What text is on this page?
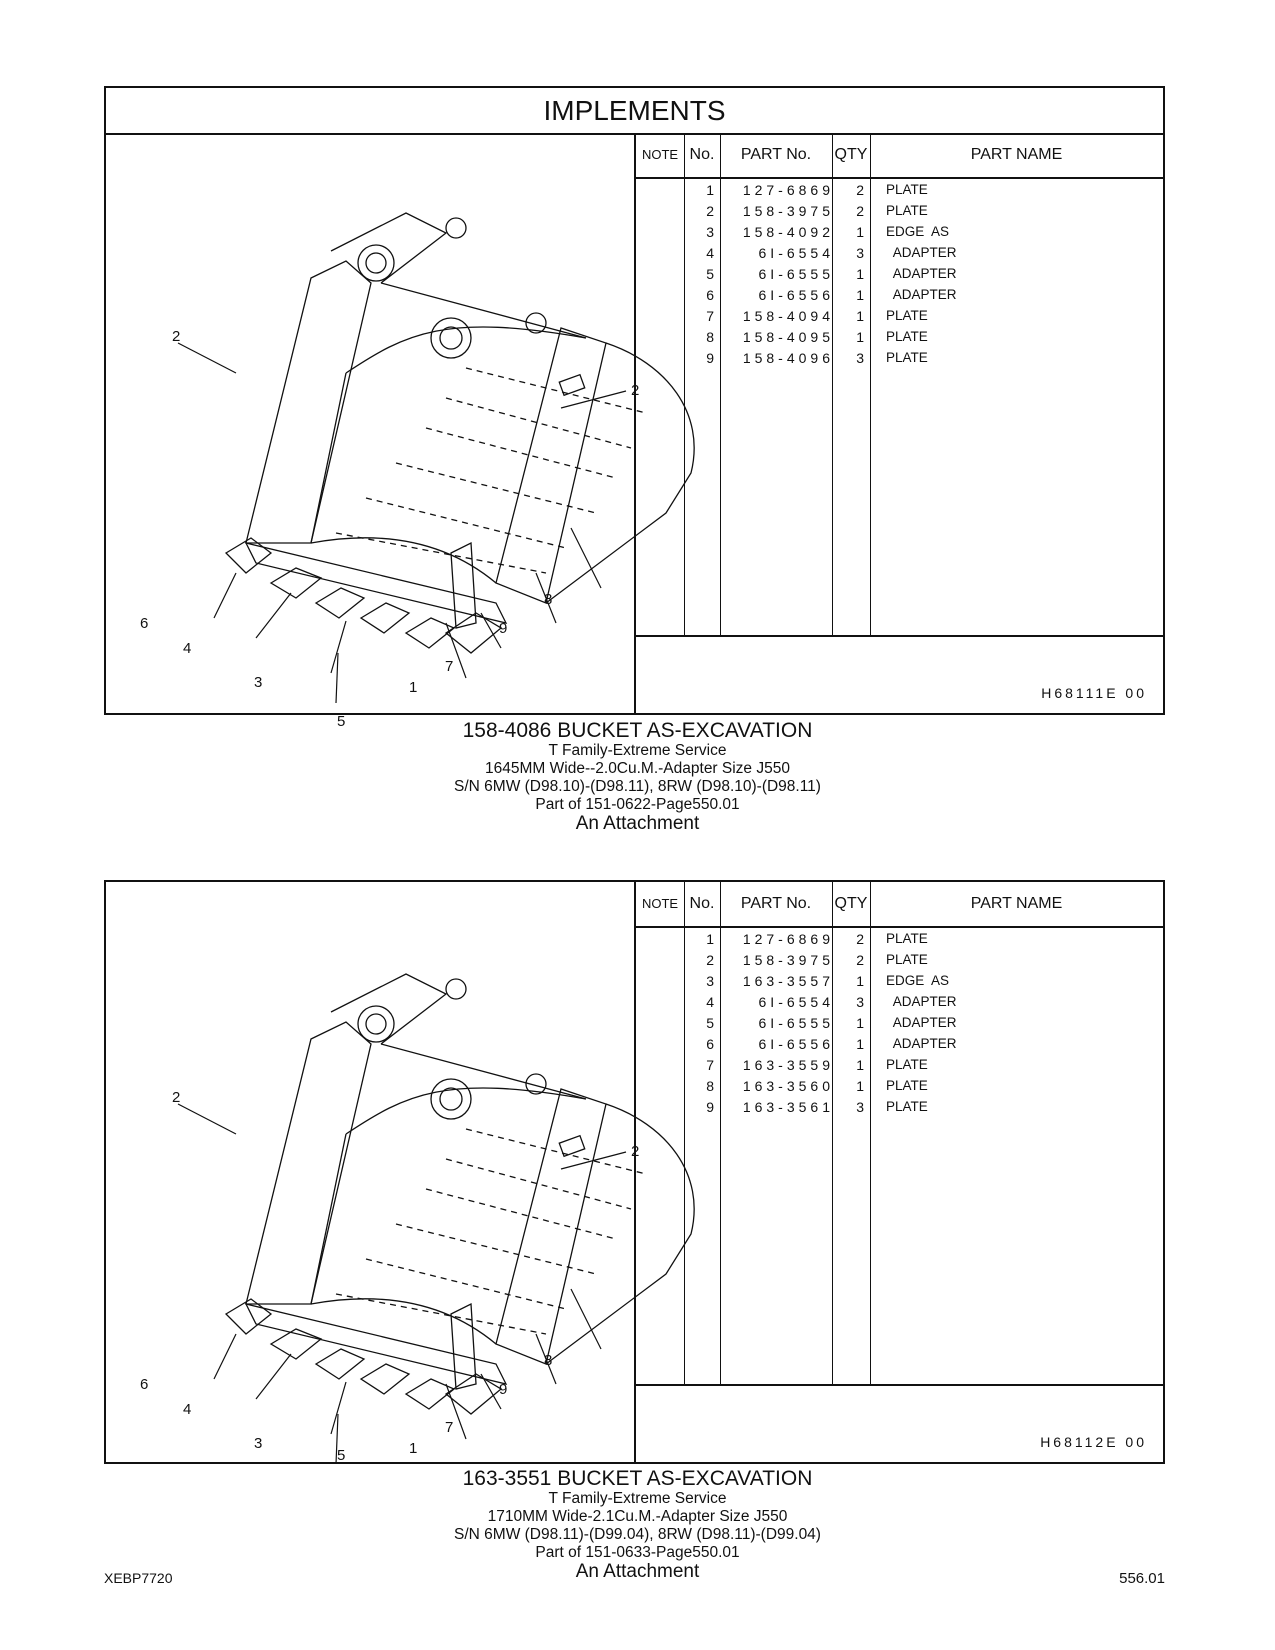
IMPLEMENTS
2
2
6
4
3
5
1
7
9
8
NOTE No.	PART No.	QTY	PART NAME
1	127-6869	2 PLATE
2	158-3975	2 PLATE
3	158-4092	1 EDGE  AS
4	6I-6554	3 ADAPTER
5	6I-6555	1 ADAPTER
6	6I-6556	1 ADAPTER
7	158-4094	1 PLATE
8	158-4095	1 PLATE
9	158-4096	3 PLATE
H68111E 00
158-4086 BUCKET AS-EXCAVATION
T Family-Extreme Service
1645MM Wide--2.0Cu.M.-Adapter Size J550
S/N 6MW (D98.10)-(D98.11), 8RW (D98.10)-(D98.11)
Part of 151-0622-Page550.01
An Attachment
2
2
6
4
3
5	1
7
9
8
NOTE No.	PART No.	QTY	PART NAME
1	127-6869	2 PLATE
2	158-3975	2 PLATE
3	163-3557	1 EDGE  AS
4	6I-6554	3 ADAPTER
5	6I-6555	1 ADAPTER
6	6I-6556	1 ADAPTER
7	163-3559	1 PLATE
8	163-3560	1 PLATE
9	163-3561	3 PLATE
H68112E 00
163-3551 BUCKET AS-EXCAVATION
T Family-Extreme Service
1710MM Wide-2.1Cu.M.-Adapter Size J550
S/N 6MW (D98.11)-(D99.04), 8RW (D98.11)-(D99.04)
Part of 151-0633-Page550.01
An Attachment
XEBP7720	556.01
